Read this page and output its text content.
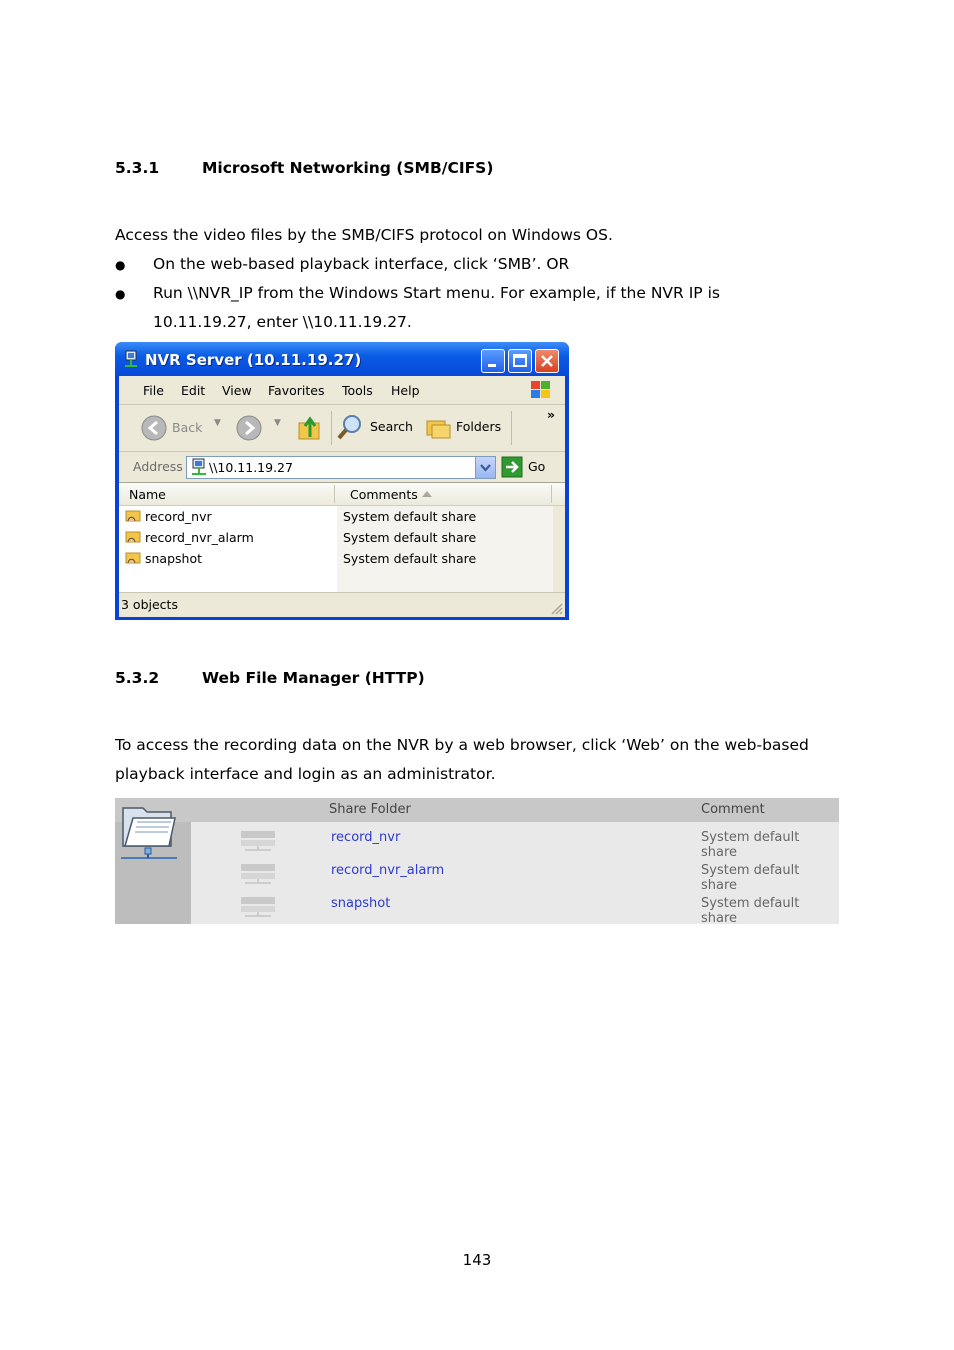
5.3.1	Microsoft Networking (SMB/CIFS)
Access the video files by the SMB/CIFS protocol on Windows OS.
● On the web-based playback interface, click ‘SMB’. OR
● Run \\NVR_IP from the Windows Start menu. For example, if the NVR IP is
10.11.19.27, enter \\10.11.19.27.
NVR Server (10.11.19.27)
File Edit View Favorites Tools Help
Back ▼	▼	Search	Folders
»
Address \\10.11.19.27	Go
Name	Comments
record_nvr	System default share
record_nvr_alarm	System default share
snapshot	System default share
3 objects
5.3.2	Web File Manager (HTTP)
To access the recording data on the NVR by a web browser, click ‘Web’ on the web-based
playback interface and login as an administrator.
Share Folder	Comment
record_nvr	System default share
record_nvr_alarm	System default share
snapshot	System default share
143
